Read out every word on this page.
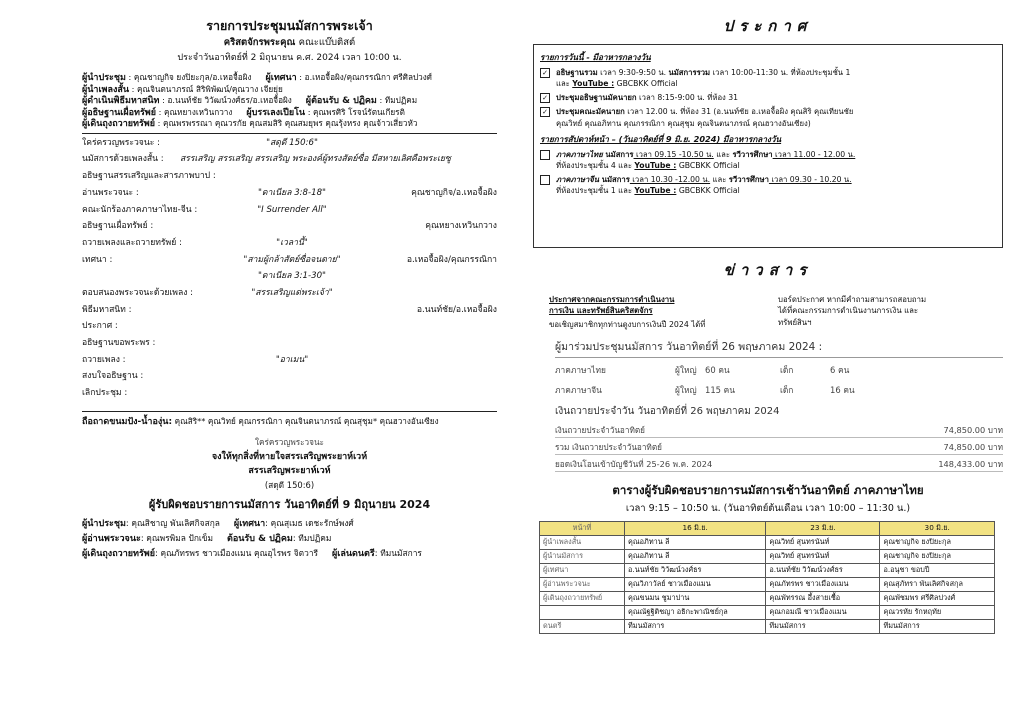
รายการประชุมนมัสการพระเจ้า
คริสตจักรพระคุณ คณะแบ๊บติสต์
ประจำวันอาทิตย์ที่ 2 มิถุนายน ค.ศ. 2024 เวลา 10:00 น.
ผู้นำประชุม : คุณชาญกิจ ยงปิยะกุล/อ.เหอจื้อผิง ผู้เทศนา : อ.เหอจื้อผิง/คุณกรรณิกา ศรีศิลปวงศ์
ผู้นำเพลงสั้น : คุณจินตนาภรณ์ สิริพิพัฒน์/คุณวาง เจียยุ่ย
ผู้ดำเนินพิธีมหาสนิท : อ.นนท์ชัย วิวัฒน์วงศ์ธร/อ.เหอจื้อผิง ผู้ต้อนรับ & ปฏิคม : ทีมปฏิคม
ผู้อธิษฐานเผื่อทรัพย์ : คุณหยางเหวินกวาง ผู้บรรเลงเปียโน : คุณพรศิริ โรจน์รัตนเกียรติ
ผู้เดินถุงถวายทรัพย์ : คุณพรพรรณา คุณวรกัย คุณสมสิริ คุณสมยุพร คุณรุ้งหรง คุณจ้าวเสี่ยวหัว
ใคร่ครวญพระวจนะ :	"สดุดี 150:6"
นมัสการด้วยเพลงสั้น : สรรเสริญ สรรเสริญ สรรเสริญ พระองค์ผู้ทรงสัตย์ซื่อ มีสหายเลิศคือพระเยซู
อธิษฐานสรรเสริญและสารภาพบาป :
อ่านพระวจนะ :	"ดาเนียล 3:8-18"	คุณชาญกิจ/อ.เหอจื้อผิง
คณะนักร้องภาคภาษาไทย-จีน :	"I Surrender All"
อธิษฐานเผื่อทรัพย์ :	คุณหยางเหวินกวาง
ถวายเพลงและถวายทรัพย์ :	"เวลานี้"
เทศนา :	"สามผู้กล้าสัตย์ซื่อจนตาย"	อ.เหอจื้อผิง/คุณกรรณิกา
"ดาเนียล 3:1-30"
ตอบสนองพระวจนะด้วยเพลง :	"สรรเสริญแด่พระเจ้า"
พิธีมหาสนิท :	อ.นนท์ชัย/อ.เหอจื้อผิง
ประกาศ :
อธิษฐานขอพระพร :
ถวายเพลง :	"อาเมน"
สงบใจอธิษฐาน :
เลิกประชุม :
ถือถาดขนมปัง-น้ำองุ่น: คุณสิริ** คุณวิทย์ คุณกรรณิกา คุณจินตนาภรณ์ คุณสุชุม* คุณฮวางอันเซียง
ใคร่ครวญพระวจนะ
จงให้ทุกสิ่งที่หายใจสรรเสริญพระยาห์เวห์
สรรเสริญพระยาห์เวห์
(สดุดี 150:6)
ผู้รับผิดชอบรายการนมัสการ วันอาทิตย์ที่ 9 มิถุนายน 2024
ผู้นำประชุม: คุณสิชาญ พันเลิศกิจสกุล ผู้เทศนา: คุณสุเมธ เดชะรักษ์พงศ์
ผู้อ่านพระวจนะ: คุณพรพิมล ปักเข็ม ต้อนรับ & ปฏิคม: ทีมปฏิคม
ผู้เดินถุงถวายทรัพย์: คุณภัทรพร ชาวเมืองแมน คุณอุไรพร จิตวารี ผู้เล่นดนตรี: ทีมนมัสการ
ประกาศ
รายการวันนี้ - มีอาหารกลางวัน
✓ อธิษฐานรวม เวลา 9:30-9:50 น. นมัสการรวม เวลา 10:00-11:30 น. ที่ห้องประชุมชั้น 1
และ YouTube : GBCBKK Official
✓ ประชุมอธิษฐานมัคนายก เวลา 8:15-9:00 น. ที่ห้อง 31
✓ ประชุมคณะมัคนายก เวลา 12.00 น. ที่ห้อง 31 (อ.นนท์ชัย อ.เหอจื้อผิง คุณสิริ คุณเทียนชัย
คุณวิทย์ คุณอภิทาน คุณกรรณิกา คุณสุชุม คุณจินตนาภรณ์ คุณฮวางอันเซียง)
รายการสัปดาห์หน้า – (วันอาทิตย์ที่ 9 มิ.ย. 2024) มีอาหารกลางวัน
ภาคภาษาไทย นมัสการ เวลา 09.15 -10.50 น. และ รวีวารศึกษา เวลา 11.00 - 12.00 น.
ที่ห้องประชุมชั้น 4 และ YouTube : GBCBKK Official
ภาคภาษาจีน นมัสการ เวลา 10.30 -12.00 น. และ รวีวารศึกษา เวลา 09.30 - 10.20 น.
ที่ห้องประชุมชั้น 1 และ YouTube : GBCBKK Official
ข่าวสาร
ประกาศจากคณะกรรมการดำเนินงาน
การเงิน และทรัพย์สินคริสตจักร
ขอเชิญสมาชิกทุกท่านดูงบการเงินปี 2024 ได้ที่
บอร์ดประกาศ หากมีคำถามสามารถสอบถาม
ได้ที่คณะกรรมการดำเนินงานการเงิน และ
ทรัพย์สินฯ
ผู้มาร่วมประชุมนมัสการ วันอาทิตย์ที่ 26 พฤษภาคม 2024 :
ภาคภาษาไทย	ผู้ใหญ่ 60 คน	เด็ก	6 คน
ภาคภาษาจีน	ผู้ใหญ่ 115 คน	เด็ก	16 คน
เงินถวายประจำวัน วันอาทิตย์ที่ 26 พฤษภาคม 2024
เงินถวายประจำวันอาทิตย์	74,850.00 บาท
รวม เงินถวายประจำวันอาทิตย์	74,850.00 บาท
ยอดเงินโอนเข้าบัญชีวันที่ 25-26 พ.ค. 2024	148,433.00 บาท
ตารางผู้รับผิดชอบรายการนมัสการเช้าวันอาทิตย์ ภาคภาษาไทย
เวลา 9:15 – 10:50 น. (วันอาทิตย์ต้นเดือน เวลา 10:00 – 11:30 น.)
หน้าที่	16 มิ.ย.	23 มิ.ย.	30 มิ.ย.
ผู้นำเพลงสั้น	คุณอภิทาน ลี	คุณวิทย์ สุนทรนันท์	คุณชาญกิจ ยงปิยะกุล
ผู้นำนมัสการ	คุณอภิทาน ลี	คุณวิทย์ สุนทรนันท์	คุณชาญกิจ ยงปิยะกุล
ผู้เทศนา	อ.นนท์ชัย วิวัฒน์วงศ์ธร	อ.นนท์ชัย วิวัฒน์วงศ์ธร	อ.อนุชา ขอบปี
ผู้อ่านพระวจนะ	คุณวิภาวัลย์ ชาวเมืองแมน	คุณภัทรพร ชาวเมืองแมน	คุณสุภัทรา พันเลิศกิจสกุล
ผู้เดินถุงถวายทรัพย์	คุณขนมน ชูมาปาน	คุณพัทรรณ อึ้งสายเชื้อ	คุณพัชมพร ศรีศิลปวงศ์
	คุณณัฐฐิติชญา อธิกะพาณิชย์กุล	คุณกอมณี ชาวเมืองแมน	คุณวรหัย รักหฤทัย
ดนตรี	ทีมนมัสการ	ทีมนมัสการ	ทีมนมัสการ
